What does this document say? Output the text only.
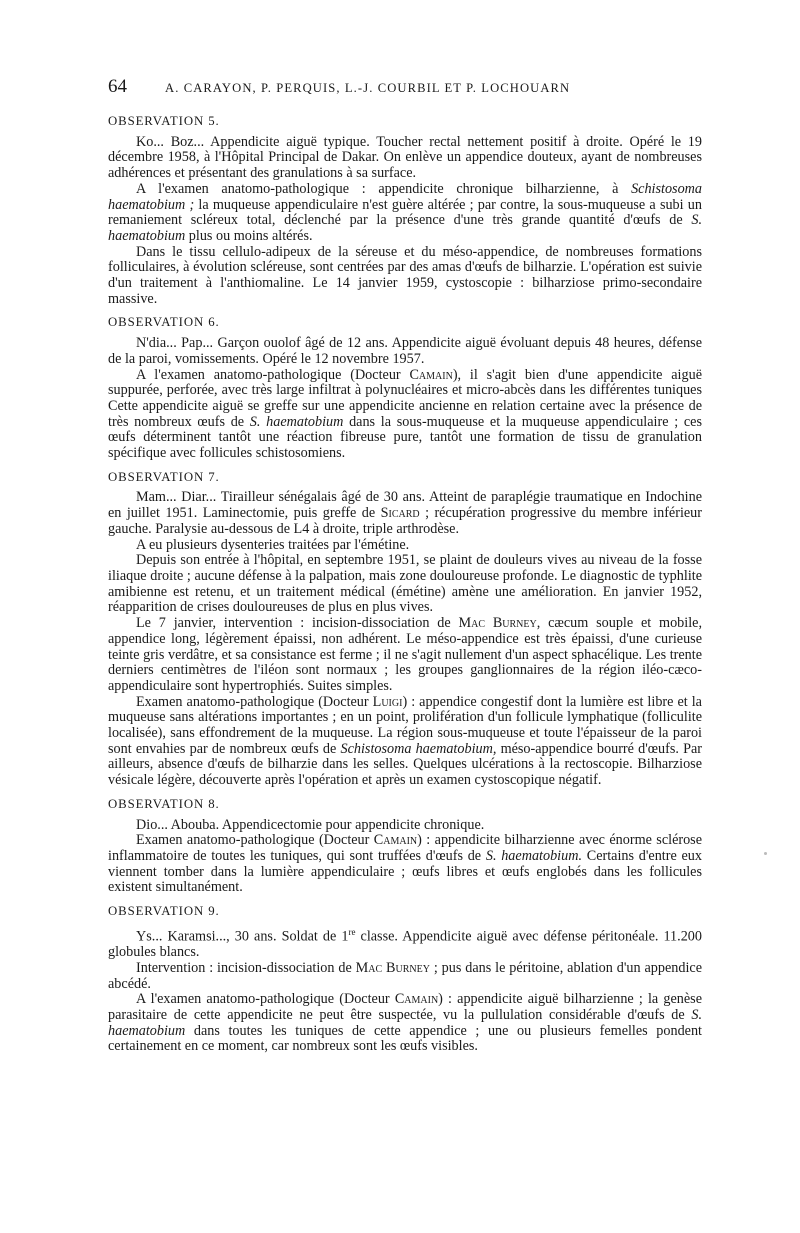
64	A. CARAYON, P. PERQUIS, L.-J. COURBIL ET P. LOCHOUARN
OBSERVATION 5.

Ko... Boz... Appendicite aiguë typique. Toucher rectal nettement positif à droite. Opéré le 19 décembre 1958, à l'Hôpital Principal de Dakar. On enlève un appendice douteux, ayant de nombreuses adhérences et présentant des granulations à sa surface.

A l'examen anatomo-pathologique : appendicite chronique bilharzienne, à Schistosoma haematobium ; la muqueuse appendiculaire n'est guère altérée ; par contre, la sous-muqueuse a subi un remaniement scléreux total, déclenché par la présence d'une très grande quantité d'œufs de S. haematobium plus ou moins altérés.

Dans le tissu cellulo-adipeux de la séreuse et du méso-appendice, de nombreuses formations folliculaires, à évolution scléreuse, sont centrées par des amas d'œufs de bilharzie. L'opération est suivie d'un traitement à l'anthiomaline. Le 14 janvier 1959, cystoscopie : bilharziose primo-secondaire massive.

OBSERVATION 6.

N'dia... Pap... Garçon ouolof âgé de 12 ans. Appendicite aiguë évoluant depuis 48 heures, défense de la paroi, vomissements. Opéré le 12 novembre 1957.

A l'examen anatomo-pathologique (Docteur Camain), il s'agit bien d'une appendicite aiguë suppurée, perforée, avec très large infiltrat à polynucléaires et micro-abcès dans les différentes tuniques Cette appendicite aiguë se greffe sur une appendicite ancienne en relation certaine avec la présence de très nombreux œufs de S. haematobium dans la sous-muqueuse et la muqueuse appendiculaire ; ces œufs déterminent tantôt une réaction fibreuse pure, tantôt une formation de tissu de granulation spécifique avec follicules schistosomiens.

OBSERVATION 7.

Mam... Diar... Tirailleur sénégalais âgé de 30 ans. Atteint de paraplégie traumatique en Indochine en juillet 1951. Laminectomie, puis greffe de Sicard ; récupération progressive du membre inférieur gauche. Paralysie au-dessous de L4 à droite, triple arthrodèse.

A eu plusieurs dysenteries traitées par l'émétine.

Depuis son entrée à l'hôpital, en septembre 1951, se plaint de douleurs vives au niveau de la fosse iliaque droite ; aucune défense à la palpation, mais zone douloureuse profonde. Le diagnostic de typhlite amibienne est retenu, et un traitement médical (émétine) amène une amélioration. En janvier 1952, réapparition de crises douloureuses de plus en plus vives.

Le 7 janvier, intervention : incision-dissociation de Mac Burney, cæcum souple et mobile, appendice long, légèrement épaissi, non adhérent. Le méso-appendice est très épaissi, d'une curieuse teinte gris verdâtre, et sa consistance est ferme ; il ne s'agit nullement d'un aspect sphacélique. Les trente derniers centimètres de l'iléon sont normaux ; les groupes ganglionnaires de la région iléo-cæco-appendiculaire sont hypertrophiés. Suites simples.

Examen anatomo-pathologique (Docteur Luigi) : appendice congestif dont la lumière est libre et la muqueuse sans altérations importantes ; en un point, prolifération d'un follicule lymphatique (folliculite localisée), sans effondrement de la muqueuse. La région sous-muqueuse et toute l'épaisseur de la paroi sont envahies par de nombreux œufs de Schistosoma haematobium, méso-appendice bourré d'œufs. Par ailleurs, absence d'œufs de bilharzie dans les selles. Quelques ulcérations à la rectoscopie. Bilharziose vésicale légère, découverte après l'opération et après un examen cystoscopique négatif.

OBSERVATION 8.

Dio... Abouba. Appendicectomie pour appendicite chronique.

Examen anatomo-pathologique (Docteur Camain) : appendicite bilharzienne avec énorme sclérose inflammatoire de toutes les tuniques, qui sont truffées d'œufs de S. haematobium. Certains d'entre eux viennent tomber dans la lumière appendiculaire ; œufs libres et œufs englobés dans les follicules existent simultanément.

OBSERVATION 9.

Ys... Karamsi..., 30 ans. Soldat de 1re classe. Appendicite aiguë avec défense péritonéale. 11.200 globules blancs.

Intervention : incision-dissociation de Mac Burney ; pus dans le péritoine, ablation d'un appendice abcédé.

A l'examen anatomo-pathologique (Docteur Camain) : appendicite aiguë bilharzienne ; la genèse parasitaire de cette appendicite ne peut être suspectée, vu la pullulation considérable d'œufs de S. haematobium dans toutes les tuniques de cette appendice ; une ou plusieurs femelles pondent certainement en ce moment, car nombreux sont les œufs visibles.
